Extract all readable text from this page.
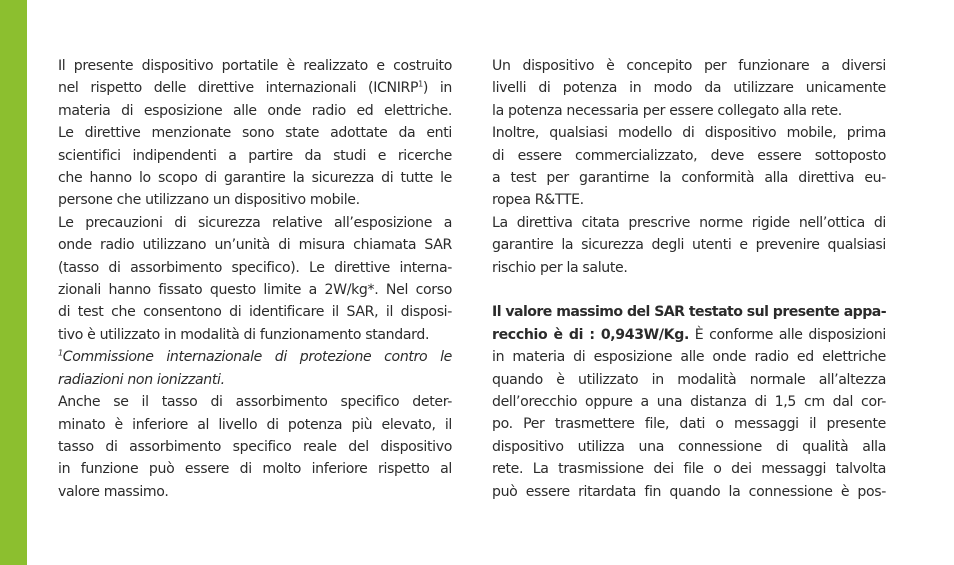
Il presente dispositivo portatile è realizzato e costruito
nel rispetto delle direttive internazionali (ICNIRP$^1$) in
materia di esposizione alle onde radio ed elettriche.
Le direttive menzionate sono state adottate da enti
scientifici indipendenti a partire da studi e ricerche
che hanno lo scopo di garantire la sicurezza di tutte le
persone che utilizzano un dispositivo mobile.

Le precauzioni di sicurezza relative all’esposizione a
onde radio utilizzano un’unità di misura chiamata SAR
(tasso di assorbimento specifico). Le direttive interna-
zionali hanno fissato questo limite a 2W/kg*. Nel corso
di test che consentono di identificare il SAR, il disposi-
tivo è utilizzato in modalità di funzionamento standard.

$^1$Commissione internazionale di protezione contro le
radiazioni non ionizzanti.

Anche se il tasso di assorbimento specifico deter-
minato è inferiore al livello di potenza più elevato, il
tasso di assorbimento specifico reale del dispositivo
in funzione può essere di molto inferiore rispetto al
valore massimo.

Un dispositivo è concepito per funzionare a diversi
livelli di potenza in modo da utilizzare unicamente
la potenza necessaria per essere collegato alla rete.

Inoltre, qualsiasi modello di dispositivo mobile, prima
di essere commercializzato, deve essere sottoposto
a test per garantirne la conformità alla direttiva eu-
ropea R&TTE.

La direttiva citata prescrive norme rigide nell’ottica di
garantire la sicurezza degli utenti e prevenire qualsiasi
rischio per la salute.

Il valore massimo del SAR testato sul presente appa-
recchio è di : 0,943W/Kg. È conforme alle disposizioni
in materia di esposizione alle onde radio ed elettriche
quando è utilizzato in modalità normale all’altezza
dell’orecchio oppure a una distanza di 1,5 cm dal cor-
po. Per trasmettere file, dati o messaggi il presente
dispositivo utilizza una connessione di qualità alla
rete. La trasmissione dei file o dei messaggi talvolta
può essere ritardata fin quando la connessione è pos-
